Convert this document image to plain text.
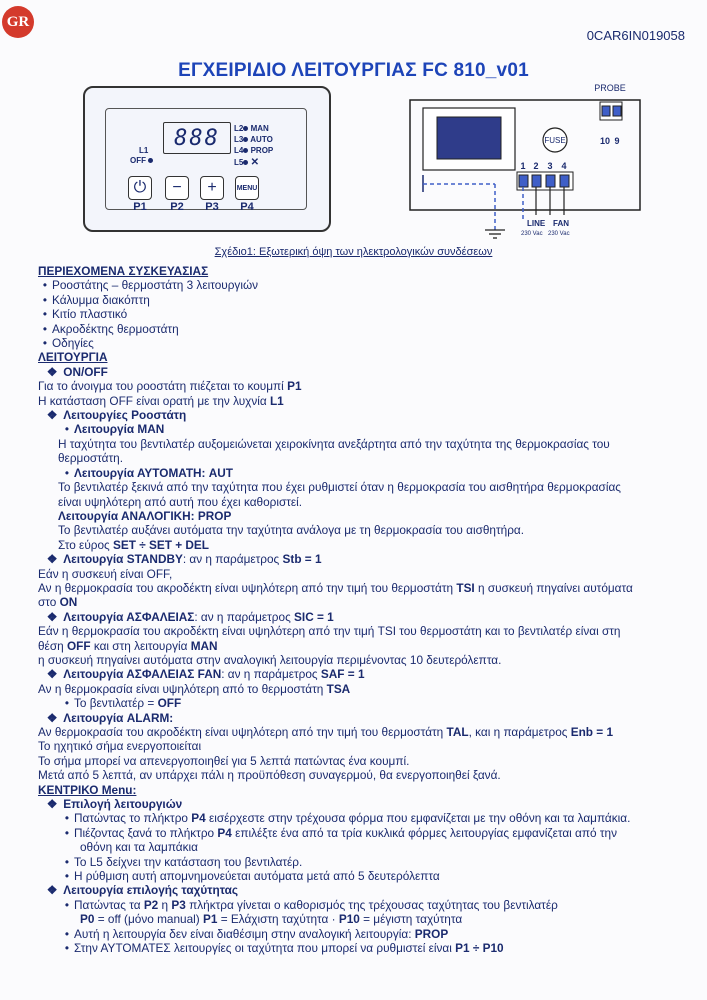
GR
0CAR6IN019058
ΕΓΧΕΙΡΙΔΙΟ ΛΕΙΤΟΥΡΓΙΑΣ FC 810_v01
888
L1
OFF
L2 MAN
L3 AUTO
L4 PROP
L5 ✕
⏻
P1
−
P2
+
P3
MENU
P4
FUSE
PROBE
10 9
1 2 3 4
LINE
230 Vac
FAN
230 Vac
Σχέδιο1: Εξωτερική όψη των ηλεκτρολογικών συνδέσεων
ΠΕΡΙΕΧΟΜΕΝΑ ΣΥΣΚΕΥΑΣΙΑΣ
• Ροοστάτης – θερμοστάτη 3 λειτουργιών
• Κάλυμμα διακόπτη
• Κιτίο πλαστικό
• Ακροδέκτης θερμοστάτη
• Οδηγίες
ΛΕΙΤΟΥΡΓΙΑ
❖ ON/OFF
Για το άνοιγμα του ροοστάτη πιέζεται το κουμπί P1
Η κατάσταση OFF είναι ορατή με την λυχνία L1
❖ Λειτουργίες Ροοστάτη
• Λειτουργία MAN
Η ταχύτητα του βεντιλατέρ αυξομειώνεται χειροκίνητα ανεξάρτητα από την ταχύτητα της θερμοκρασίας του
θερμοστάτη.
• Λειτουργία ΑΥΤΟΜΑΤΗ: AUT
Το βεντιλατέρ ξεκινά από την ταχύτητα που έχει ρυθμιστεί όταν η θερμοκρασία του αισθητήρα θερμοκρασίας
είναι υψηλότερη από αυτή που έχει καθοριστεί.
Λειτουργία ΑΝΑΛΟΓΙΚΗ: PROP
Το βεντιλατέρ αυξάνει αυτόματα την ταχύτητα ανάλογα με τη θερμοκρασία του αισθητήρα.
Στο εύρος SET ÷ SET + DEL
❖ Λειτουργία STANDBY: αν η παράμετρος Stb = 1
Εάν η συσκευή είναι OFF,
Αν η θερμοκρασία του ακροδέκτη είναι υψηλότερη από την τιμή του θερμοστάτη TSI η συσκευή πηγαίνει αυτόματα
στο ON
❖ Λειτουργία ΑΣΦΑΛΕΙΑΣ: αν η παράμετρος SIC = 1
Εάν η θερμοκρασία του ακροδέκτη είναι υψηλότερη από την τιμή TSI του θερμοστάτη και το βεντιλατέρ είναι στη
θέση OFF και στη λειτουργία MAN
η συσκευή πηγαίνει αυτόματα στην αναλογική λειτουργία περιμένοντας 10 δευτερόλεπτα.
❖ Λειτουργία ΑΣΦΑΛΕΙΑΣ FAN: αν η παράμετρος SAF = 1
Αν η θερμοκρασία είναι υψηλότερη από το θερμοστάτη TSA
• Το βεντιλατέρ = OFF
❖ Λειτουργία ALARM:
Αν θερμοκρασία του ακροδέκτη είναι υψηλότερη από την τιμή του θερμοστάτη TAL, και η παράμετρος Enb = 1
Το ηχητικό σήμα ενεργοποιείται
Το σήμα μπορεί να απενεργοποιηθεί για 5 λεπτά πατώντας ένα κουμπί.
Μετά από 5 λεπτά, αν υπάρχει πάλι η προϋπόθεση συναγερμού, θα ενεργοποιηθεί ξανά.
ΚΕΝΤΡΙΚΟ Menu:
❖ Επιλογή λειτουργιών
• Πατώντας το πλήκτρο P4 εισέρχεστε στην τρέχουσα φόρμα που εμφανίζεται με την οθόνη και τα λαμπάκια.
• Πιέζοντας ξανά το πλήκτρο P4 επιλέξτε ένα από τα τρία κυκλικά φόρμες λειτουργίας εμφανίζεται από την
οθόνη και τα λαμπάκια
• Το L5 δείχνει την κατάσταση του βεντιλατέρ.
• Η ρύθμιση αυτή απομνημονεύεται αυτόματα μετά από 5 δευτερόλεπτα
❖ Λειτουργία επιλογής ταχύτητας
• Πατώντας τα P2 η P3 πλήκτρα γίνεται ο καθορισμός της τρέχουσας ταχύτητας του βεντιλατέρ
P0 = off (μόνο manual) P1 = Ελάχιστη ταχύτητα · P10 = μέγιστη ταχύτητα
• Αυτή η λειτουργία δεν είναι διαθέσιμη στην αναλογική λειτουργία: PROP
• Στην ΑΥΤΟΜΑΤΕΣ λειτουργίες οι ταχύτητα που μπορεί να ρυθμιστεί είναι P1 ÷ P10
